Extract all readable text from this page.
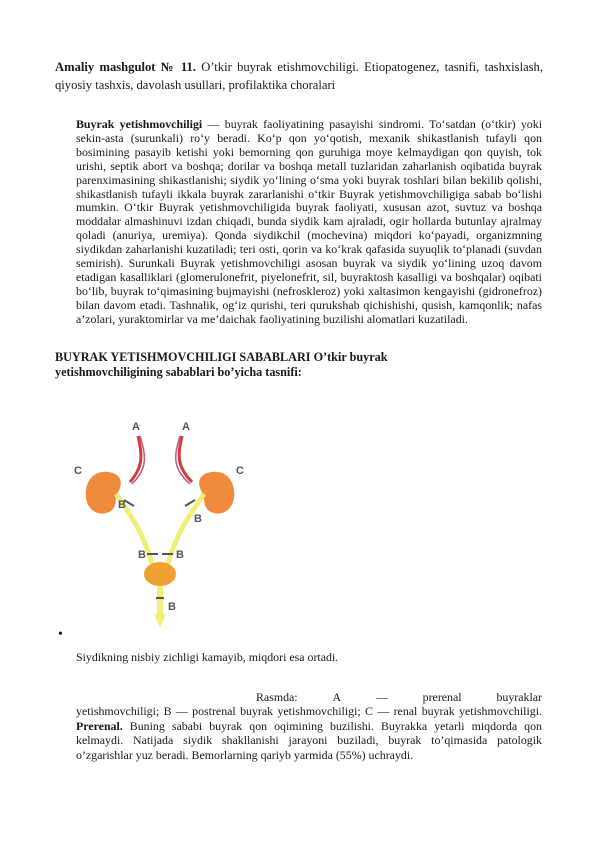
Amaliy mashgulot № 11. O’tkir buyrak etishmovchiligi. Etiopatogenez, tasnifi, tashxislash, qiyosiy tashxis, davolash usullari, profilaktika choralari
Buyrak yetishmovchiligi — buyrak faoliyatining pasayishi sindromi. To‘satdan (o‘tkir) yoki sekin-asta (surunkali) ro‘y beradi. Ko‘p qon yo‘qotish, mexanik shikastlanish tufayli qon bosimining pasayib ketishi yoki bemorning qon guruhiga moye kelmaydigan qon quyish, tok urishi, septik abort va boshqa; dorilar va boshqa metall tuzlaridan zaharlanish oqibatida buyrak parenximasining shikastlanishi; siydik yo‘lining o‘sma yoki buyrak toshlari bilan bekilib qolishi, shikastlanish tufayli ikkala buyrak zararlanishi o‘tkir Buyrak yetishmovchiligiga sabab bo‘lishi mumkin. O‘tkir Buyrak yetishmovchiligida buyrak faoliyati, xususan azot, suvtuz va boshqa moddalar almashinuvi izdan chiqadi, bunda siydik kam ajraladi, ogir hollarda butunlay ajralmay qoladi (anuriya, uremiya). Qonda siydikchil (mochevina) miqdori ko‘payadi, organizmning siydikdan zaharlanishi kuzatiladi; teri osti, qorin va ko‘krak qafasida suyuqlik to‘planadi (suvdan semirish). Surunkali Buyrak yetishmovchiligi asosan buyrak va siydik yo‘lining uzoq davom etadigan kasalliklari (glomerulonefrit, piyelonefrit, sil, buyraktosh kasalligi va boshqalar) oqibati bo‘lib, buyrak to‘qimasining bujmayishi (nefroskleroz) yoki xaltasimon kengayishi (gidronefroz) bilan davom etadi. Tashnalik, og‘iz qurishi, teri qurukshab qichishishi, qusish, kamqonlik; nafas a’zolari, yuraktomirlar va me’daichak faoliyatining buzilishi alomatlari kuzatiladi.
BUYRAK YETISHMOVCHILIGI SABABLARI O’tkir buyrak yetishmovchiligining sabablari bo’yicha tasnifi:
A	A
C	C
B
B
B	B
B
•
Siydikning nisbiy zichligi kamayib, miqdori esa ortadi.
Rasmda:	A	—	prerenal	buyraklar
yetishmovchiligi; B — postrenal buyrak yetishmovchiligi; C — renal buyrak yetishmovchiligi. Prerenal. Buning sababi buyrak qon oqimining buzilishi. Buyrakka yetarli miqdorda qon kelmaydi. Natijada siydik shakllanishi jarayoni buziladi, buyrak to’qimasida patologik o’zgarishlar yuz beradi. Bemorlarning qariyb yarmida (55%) uchraydi.
